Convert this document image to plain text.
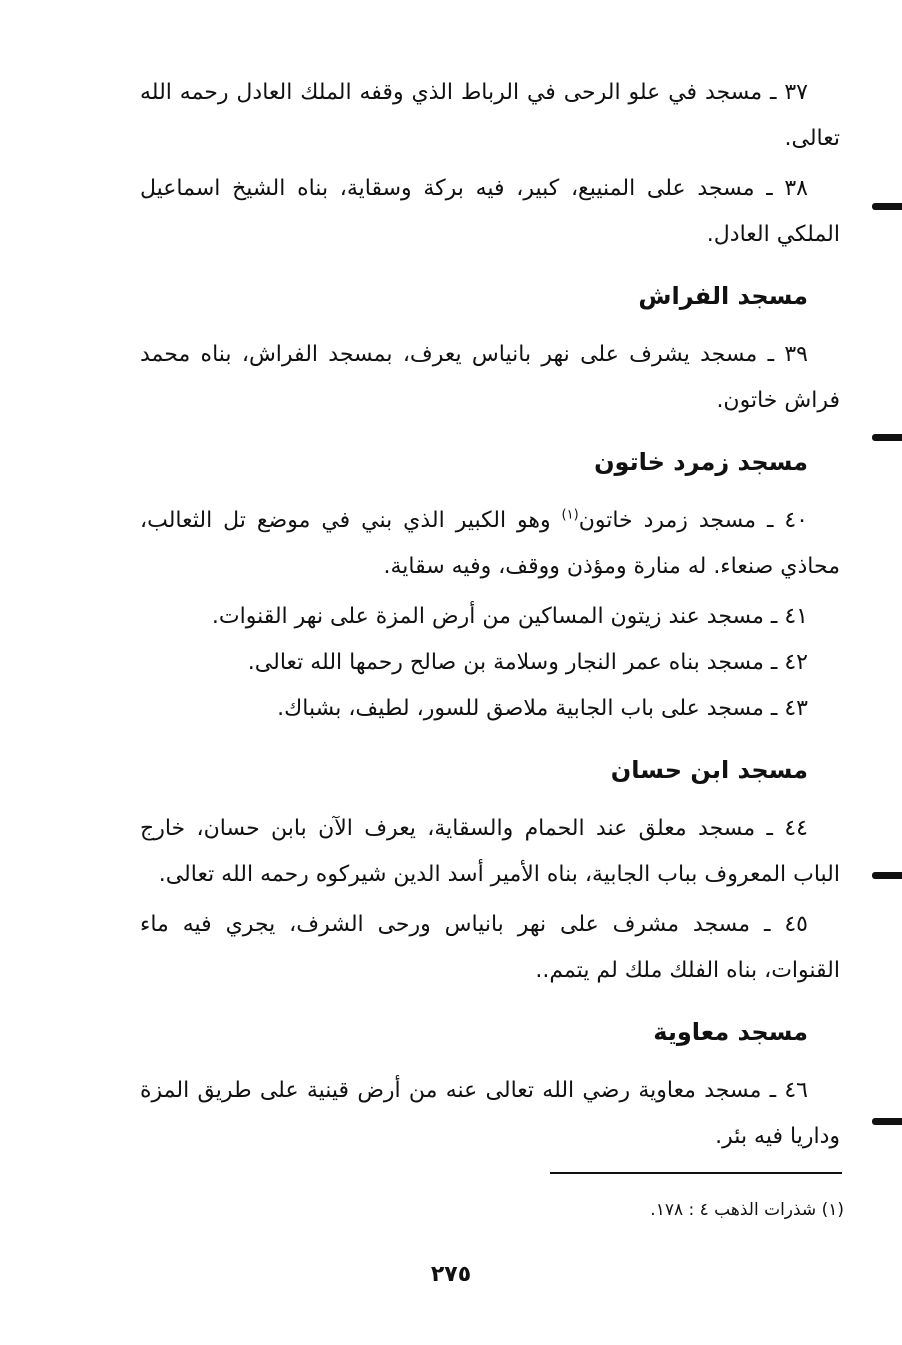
٣٧ ـ مسجد في علو الرحى في الرباط الذي وقفه الملك العادل رحمه الله تعالى.

٣٨ ـ مسجد على المنيبع، كبير، فيه بركة وسقاية، بناه الشيخ اسماعيل الملكي العادل.

مسجد الفراش

٣٩ ـ مسجد يشرف على نهر بانياس يعرف، بمسجد الفراش، بناه محمد فراش خاتون.

مسجد زمرد خاتون

٤٠ ـ مسجد زمرد خاتون$^{(١)}$ وهو الكبير الذي بني في موضع تل الثعالب، محاذي صنعاء. له منارة ومؤذن ووقف، وفيه سقاية.

٤١ ـ مسجد عند زيتون المساكين من أرض المزة على نهر القنوات.

٤٢ ـ مسجد بناه عمر النجار وسلامة بن صالح رحمها الله تعالى.

٤٣ ـ مسجد على باب الجابية ملاصق للسور، لطيف، بشباك.

مسجد ابن حسان

٤٤ ـ مسجد معلق عند الحمام والسقاية، يعرف الآن بابن حسان، خارج الباب المعروف بباب الجابية، بناه الأمير أسد الدين شيركوه رحمه الله تعالى.

٤٥ ـ مسجد مشرف على نهر بانياس ورحى الشرف، يجري فيه ماء القنوات، بناه الفلك ملك لم يتمم..

مسجد معاوية

٤٦ ـ مسجد معاوية رضي الله تعالى عنه من أرض قينية على طريق المزة وداريا فيه بئر.

(١) شذرات الذهب ٤ : ١٧٨.
٢٧٥
